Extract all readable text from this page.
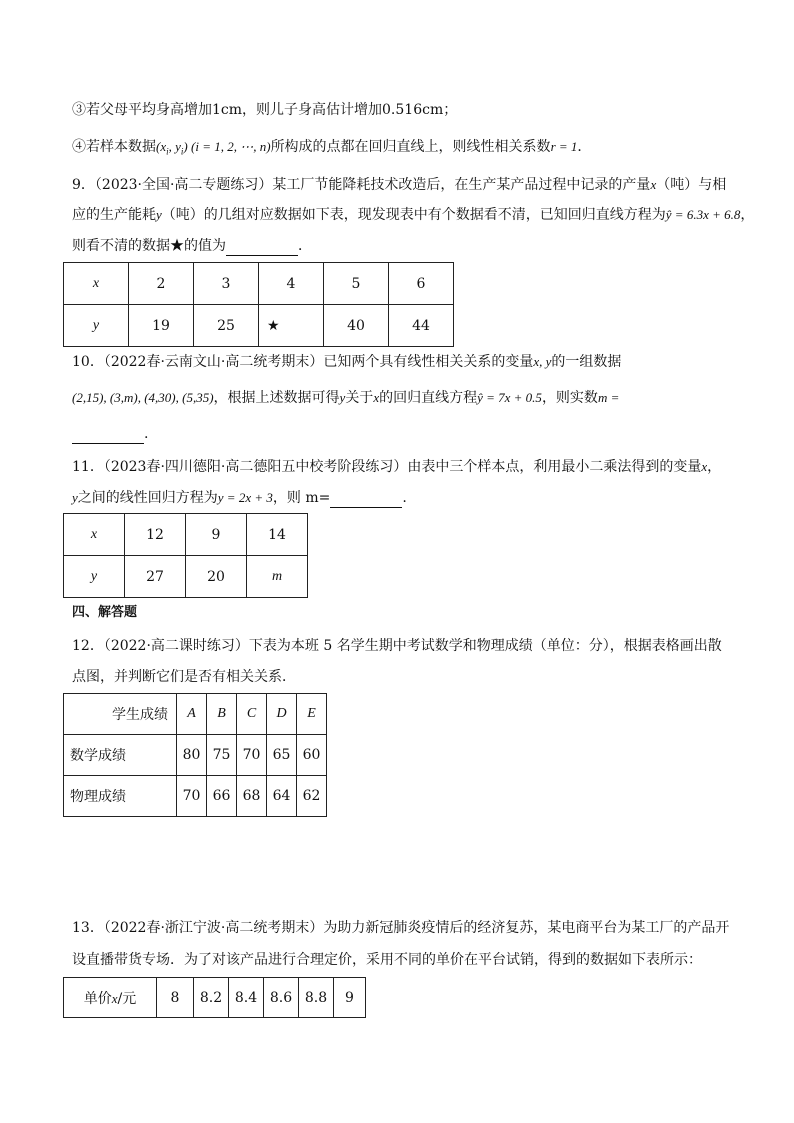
③若父母平均身高增加1cm，则儿子身高估计增加0.516cm；
④若样本数据($x_i$, $y_i$) (i = 1, 2, ⋯, n)所构成的点都在回归直线上，则线性相关系数r = 1．
9．（2023·全国·高二专题练习）某工厂节能降耗技术改造后，在生产某产品过程中记录的产量x（吨）与相
应的生产能耗y（吨）的几组对应数据如下表，现发现表中有个数据看不清，已知回归直线方程为ŷ = 6.3x + 6.8，
则看不清的数据★的值为	．
x	2	3	4	5	6
y	19	25	★	40	44
10．（2022春·云南文山·高二统考期末）已知两个具有线性相关关系的变量x, y的一组数据
(2,15), (3,m), (4,30), (5,35)，根据上述数据可得y关于x的回归直线方程ŷ = 7x + 0.5，则实数m =
.
11．（2023春·四川德阳·高二德阳五中校考阶段练习）由表中三个样本点，利用最小二乘法得到的变量x，
y之间的线性回归方程为y = 2x + 3，则 m=	.
x	12	9	14
y	27	20	m
四、解答题
12．（2022·高二课时练习）下表为本班 5 名学生期中考试数学和物理成绩（单位：分），根据表格画出散
点图，并判断它们是否有相关关系．
学生成绩	A	B	C	D	E
数学成绩	80	75	70	65	60
物理成绩	70	66	68	64	62
13．（2022春·浙江宁波·高二统考期末）为助力新冠肺炎疫情后的经济复苏，某电商平台为某工厂的产品开
设直播带货专场．为了对该产品进行合理定价，采用不同的单价在平台试销，得到的数据如下表所示：
单价x/元	8	8.2	8.4	8.6	8.8	9
